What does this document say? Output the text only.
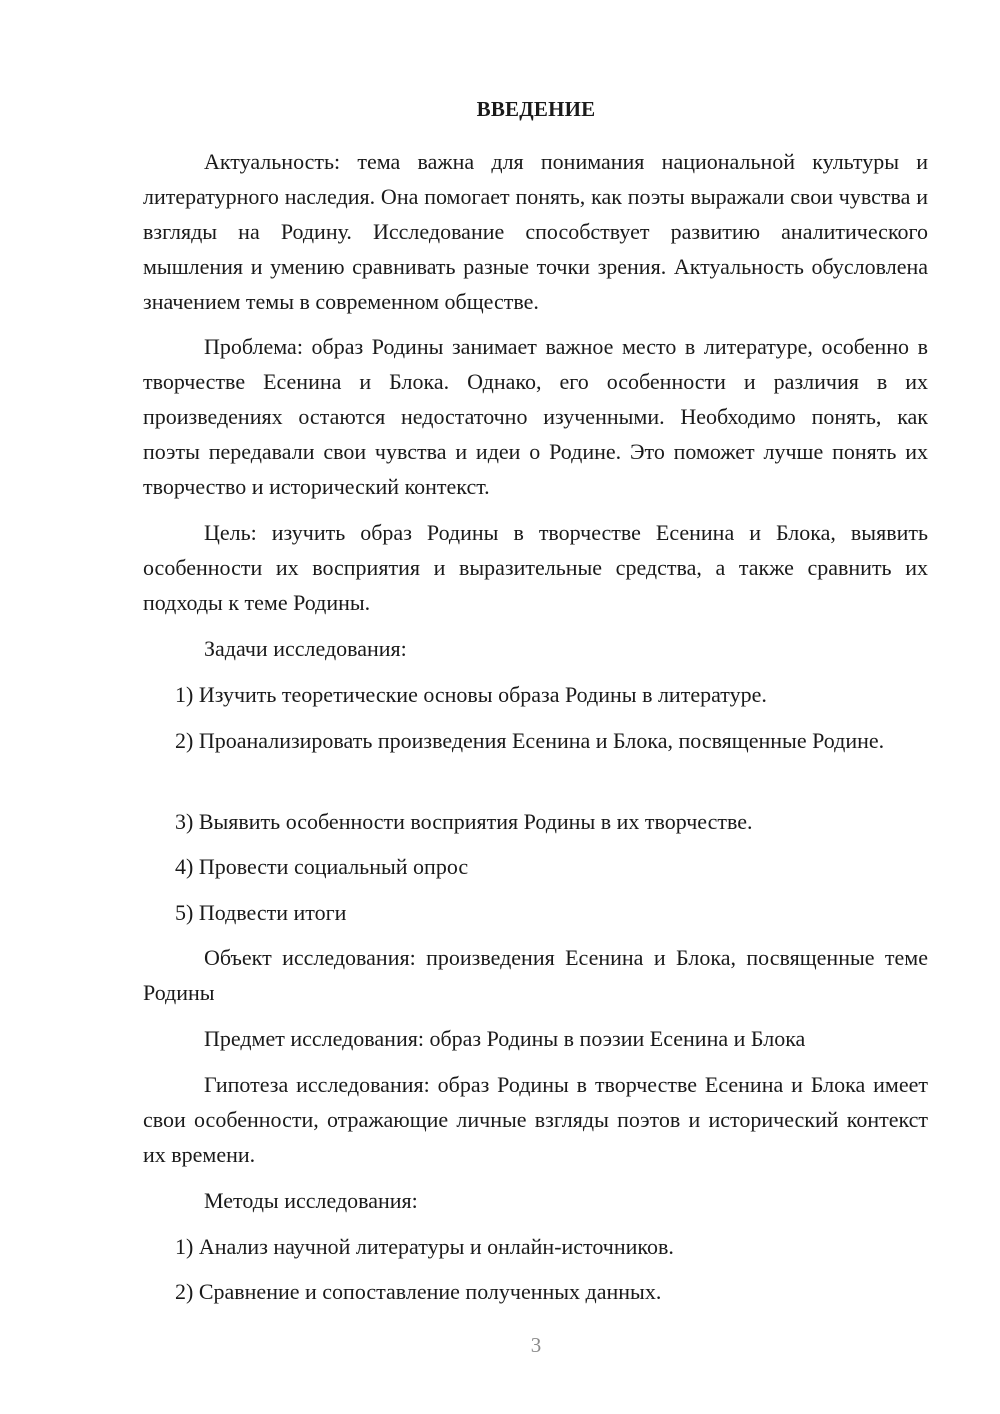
ВВЕДЕНИЕ

Актуальность: тема важна для понимания национальной культуры и литературного наследия. Она помогает понять, как поэты выражали свои чувства и взгляды на Родину. Исследование способствует развитию аналитического мышления и умению сравнивать разные точки зрения. Актуальность обусловлена значением темы в современном обществе.

Проблема: образ Родины занимает важное место в литературе, особенно в творчестве Есенина и Блока. Однако, его особенности и различия в их произведениях остаются недостаточно изученными. Необходимо понять, как поэты передавали свои чувства и идеи о Родине. Это поможет лучше понять их творчество и исторический контекст.

Цель: изучить образ Родины в творчестве Есенина и Блока, выявить особенности их восприятия и выразительные средства, а также сравнить их подходы к теме Родины.

Задачи исследования:

1) Изучить теоретические основы образа Родины в литературе.

2) Проанализировать произведения Есенина и Блока, посвященные Родине.

3) Выявить особенности восприятия Родины в их творчестве.

4) Провести социальный опрос

5) Подвести итоги

Объект исследования: произведения Есенина и Блока, посвященные теме Родины

Предмет исследования: образ Родины в поэзии Есенина и Блока

Гипотеза исследования: образ Родины в творчестве Есенина и Блока имеет свои особенности, отражающие личные взгляды поэтов и исторический контекст их времени.

Методы исследования:

1) Анализ научной литературы и онлайн-источников.

2) Сравнение и сопоставление полученных данных.

3
